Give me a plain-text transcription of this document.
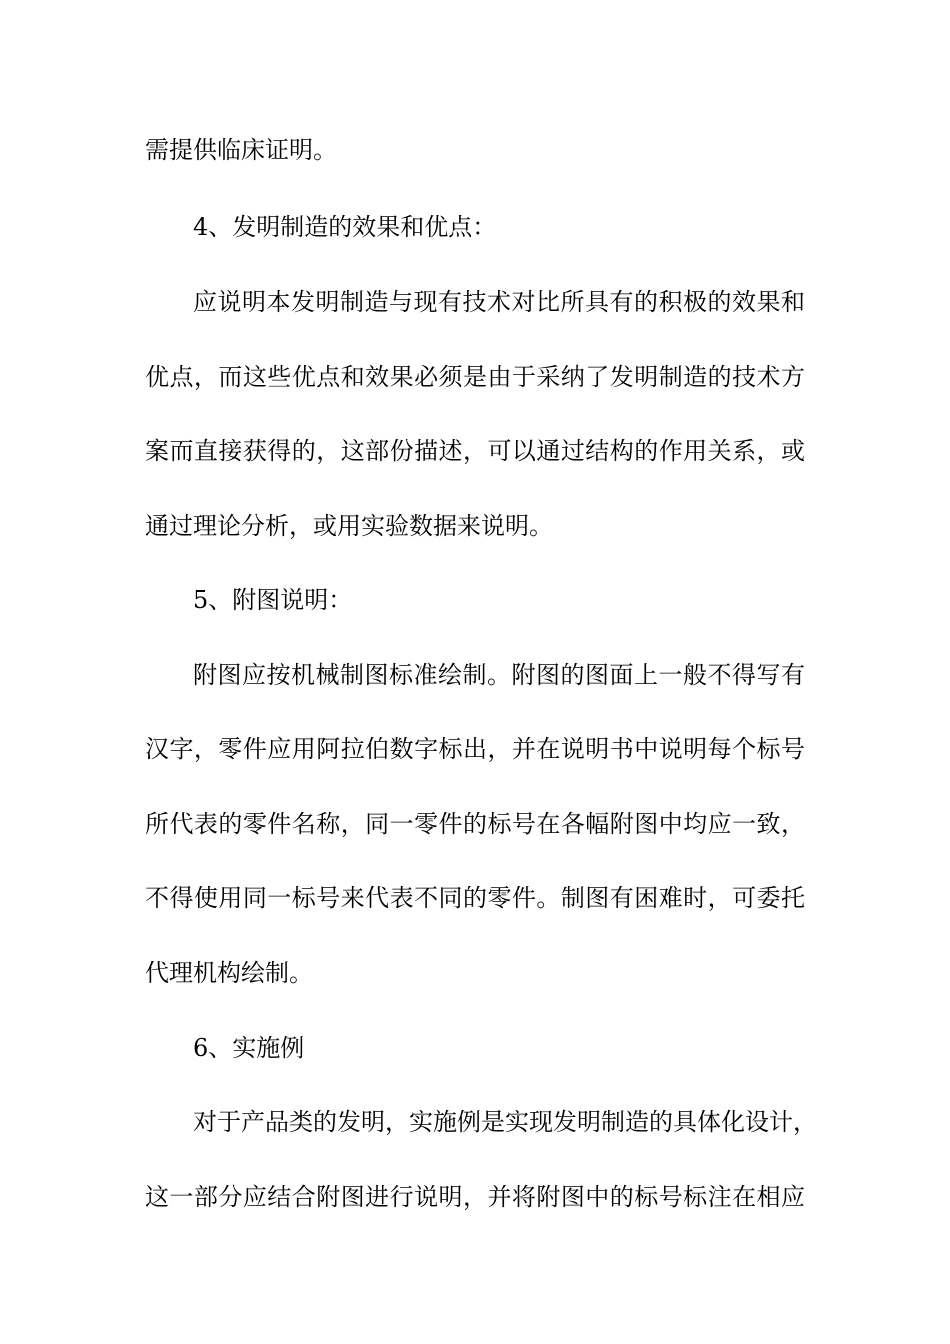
需提供临床证明。
4、发明制造的效果和优点：
应说明本发明制造与现有技术对比所具有的积极的效果和
优点，而这些优点和效果必须是由于采纳了发明制造的技术方
案而直接获得的，这部份描述，可以通过结构的作用关系，或
通过理论分析，或用实验数据来说明。
5、附图说明：
附图应按机械制图标准绘制。附图的图面上一般不得写有
汉字，零件应用阿拉伯数字标出，并在说明书中说明每个标号
所代表的零件名称，同一零件的标号在各幅附图中均应一致，
不得使用同一标号来代表不同的零件。制图有困难时，可委托
代理机构绘制。
6、实施例
对于产品类的发明，实施例是实现发明制造的具体化设计，
这一部分应结合附图进行说明，并将附图中的标号标注在相应
